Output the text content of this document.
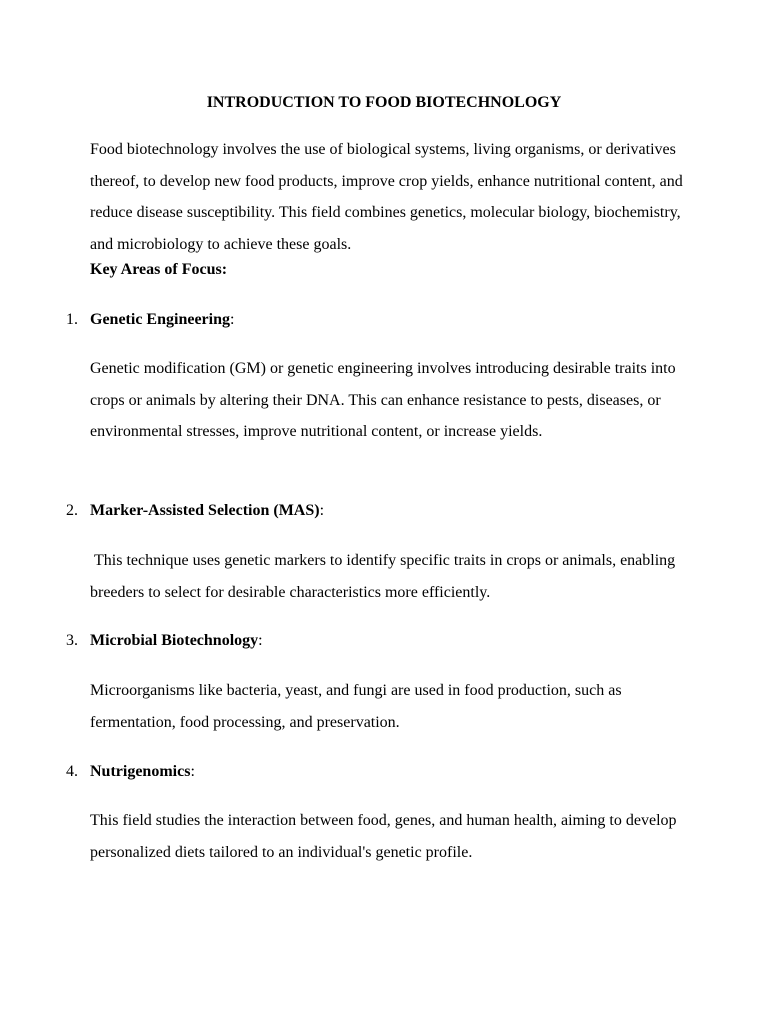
INTRODUCTION TO FOOD BIOTECHNOLOGY

Food biotechnology involves the use of biological systems, living organisms, or derivatives thereof, to develop new food products, improve crop yields, enhance nutritional content, and reduce disease susceptibility. This field combines genetics, molecular biology, biochemistry, and microbiology to achieve these goals.

Key Areas of Focus:

1. Genetic Engineering:

Genetic modification (GM) or genetic engineering involves introducing desirable traits into crops or animals by altering their DNA. This can enhance resistance to pests, diseases, or environmental stresses, improve nutritional content, or increase yields.

2. Marker-Assisted Selection (MAS):

This technique uses genetic markers to identify specific traits in crops or animals, enabling breeders to select for desirable characteristics more efficiently.

3. Microbial Biotechnology:

Microorganisms like bacteria, yeast, and fungi are used in food production, such as fermentation, food processing, and preservation.

4. Nutrigenomics:

This field studies the interaction between food, genes, and human health, aiming to develop personalized diets tailored to an individual's genetic profile.
